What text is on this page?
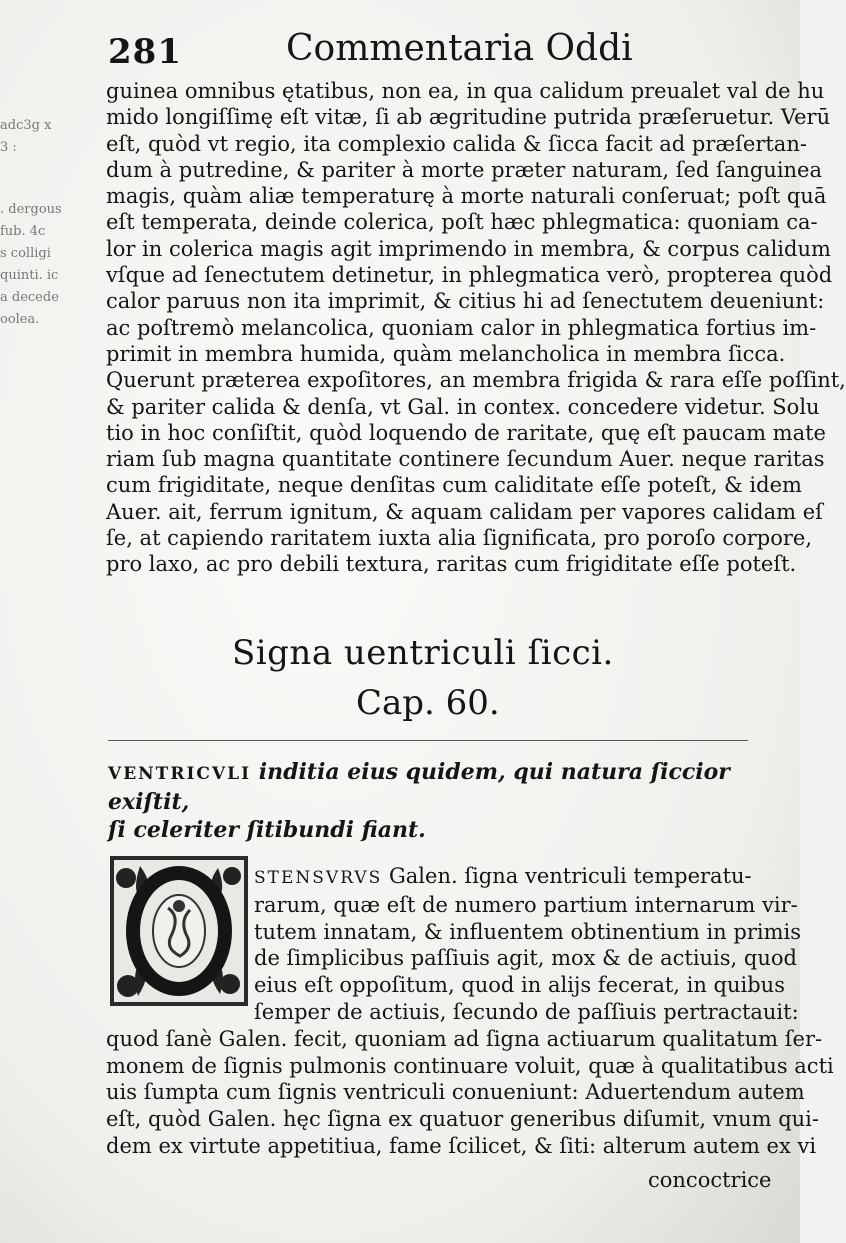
adc3g x
3 :
. dergous
fub. 4c
s colligi
quinti. ic
a decede
oolea.
281	Commentaria Oddi
guinea omnibus ętatibus, non ea, in qua calidum preualet val de hu
mido longiſſimę eſt vitæ, ſi ab ægritudine putrida præſeruetur. Verū
eſt, quòd vt regio, ita complexio calida & ſicca facit ad præſertan-
dum à putredine, & pariter à morte præter naturam, ſed ſanguinea
magis, quàm aliæ temperaturę à morte naturali conſeruat; poſt quā
eſt temperata, deinde colerica, poſt hæc phlegmatica: quoniam ca-
lor in colerica magis agit imprimendo in membra, & corpus calidum
vſque ad ſenectutem detinetur, in phlegmatica verò, propterea quòd
calor paruus non ita imprimit, & citius hi ad ſenectutem deueniunt:
ac poſtremò melancolica, quoniam calor in phlegmatica fortius im-
primit in membra humida, quàm melancholica in membra ſicca.
Querunt præterea expoſitores, an membra frigida & rara eſſe poſſint,
& pariter calida & denſa, vt Gal. in contex. concedere videtur. Solu
tio in hoc conſiſtit, quòd loquendo de raritate, quę eſt paucam mate
riam ſub magna quantitate continere ſecundum Auer. neque raritas
cum frigiditate, neque denſitas cum caliditate eſſe poteſt, & idem
Auer. ait, ferrum ignitum, & aquam calidam per vapores calidam eſ
ſe, at capiendo raritatem iuxta alia ſignificata, pro poroſo corpore,
pro laxo, ac pro debili textura, raritas cum frigiditate eſſe poteſt.
Signa uentriculi ſicci.
Cap. 60.
VENTRICVLI inditia eius quidem, qui natura ſiccior exiſtit,
ſi celeriter ſitibundi fiant.
STENSVRVS Galen. ſigna ventriculi temperatu-
rarum, quæ eſt de numero partium internarum vir-
tutem innatam, & influentem obtinentium in primis
de ſimplicibus paſſiuis agit, mox & de actiuis, quod
eius eſt oppoſitum, quod in alijs fecerat, in quibus
ſemper de actiuis, ſecundo de paſſiuis pertractauit:
quod ſanè Galen. fecit, quoniam ad ſigna actiuarum qualitatum ſer-
monem de ſignis pulmonis continuare voluit, quæ à qualitatibus acti
uis ſumpta cum ſignis ventriculi conueniunt: Aduertendum autem
eſt, quòd Galen. hęc ſigna ex quatuor generibus diſumit, vnum qui-
dem ex virtute appetitiua, fame ſcilicet, & ſiti: alterum autem ex vi
concoctrice
